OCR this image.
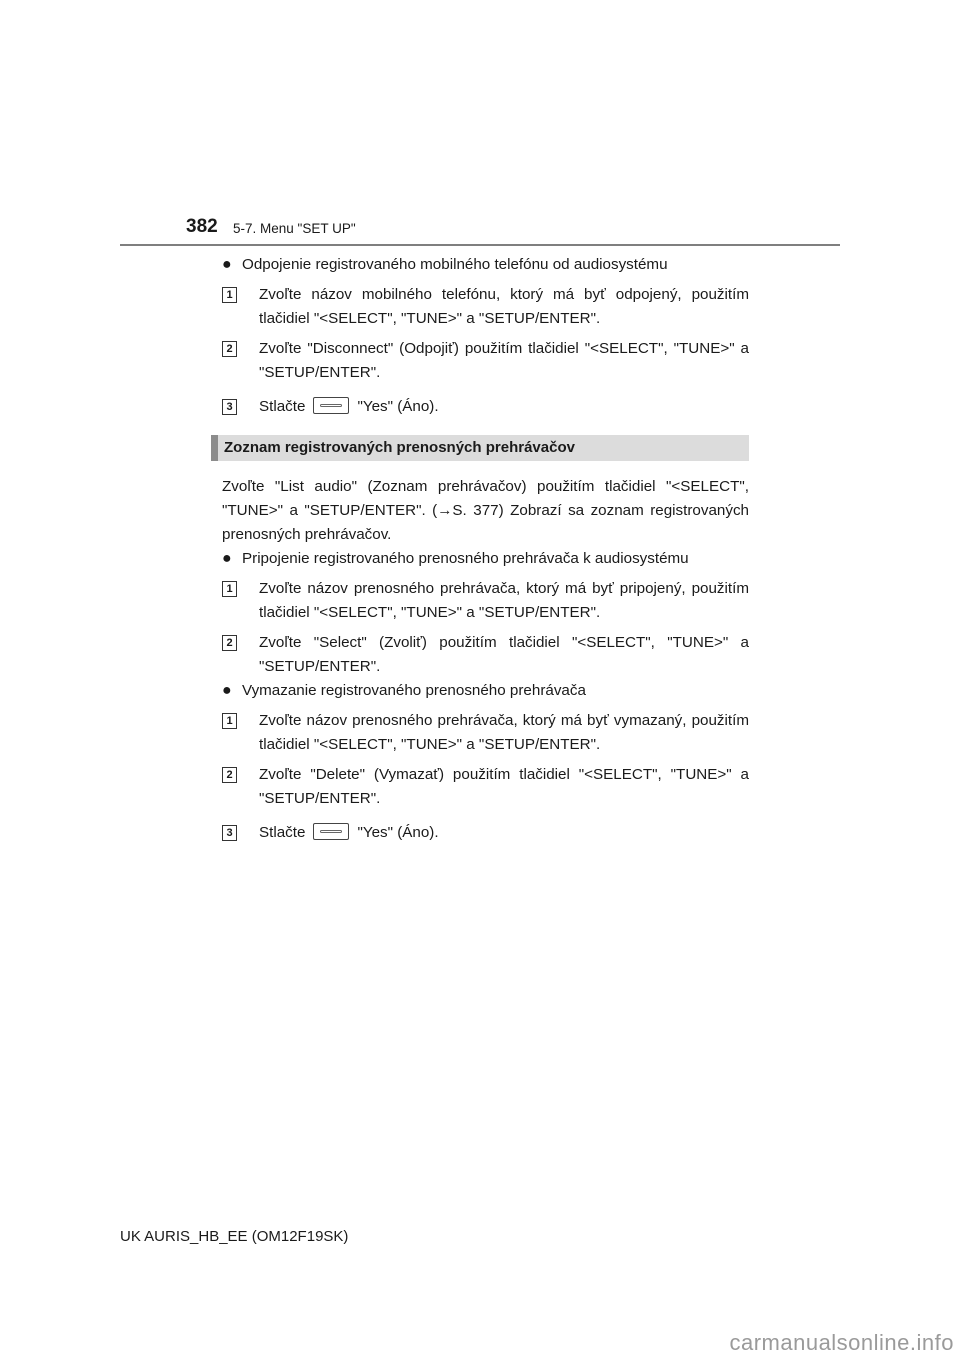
382 5-7. Menu "SET UP"

● Odpojenie registrovaného mobilného telefónu od audiosystému

1 Zvoľte názov mobilného telefónu, ktorý má byť odpojený, použitím tlačidiel "<SELECT", "TUNE>" a "SETUP/ENTER".

2 Zvoľte "Disconnect" (Odpojiť) použitím tlačidiel "<SELECT", "TUNE>" a "SETUP/ENTER".

3 Stlačte	"Yes" (Áno).

Zoznam registrovaných prenosných prehrávačov

Zvoľte "List audio" (Zoznam prehrávačov) použitím tlačidiel "<SELECT", "TUNE>" a "SETUP/ENTER". (→S. 377) Zobrazí sa zoznam registrovaných prenosných prehrávačov.

● Pripojenie registrovaného prenosného prehrávača k audiosystému

1 Zvoľte názov prenosného prehrávača, ktorý má byť pripojený, použitím tlačidiel "<SELECT", "TUNE>" a "SETUP/ENTER".

2 Zvoľte "Select" (Zvoliť) použitím tlačidiel "<SELECT", "TUNE>" a "SETUP/ENTER".

● Vymazanie registrovaného prenosného prehrávača

1 Zvoľte názov prenosného prehrávača, ktorý má byť vymazaný, použitím tlačidiel "<SELECT", "TUNE>" a "SETUP/ENTER".

2 Zvoľte "Delete" (Vymazať) použitím tlačidiel "<SELECT", "TUNE>" a "SETUP/ENTER".

3 Stlačte	"Yes" (Áno).

UK AURIS_HB_EE (OM12F19SK)
carmanualsonline.info
